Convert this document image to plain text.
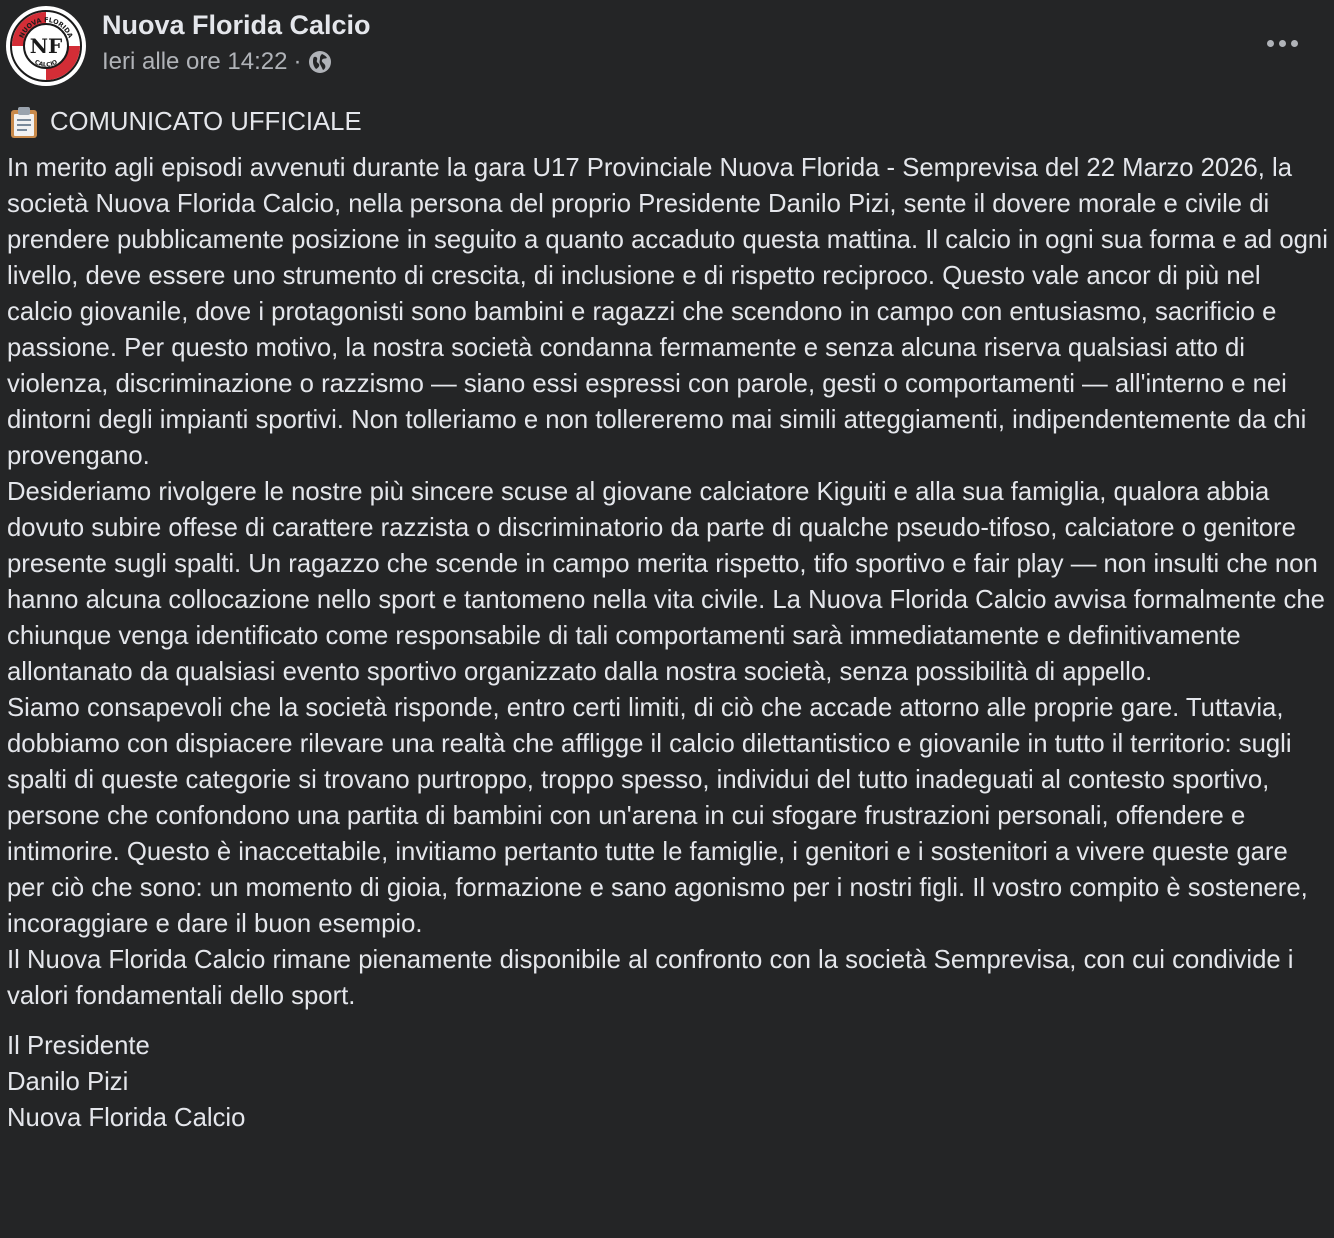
NUOVA FLORIDA
NF
CALCIO
Nuova Florida Calcio
Ieri alle ore 14:22 ·
COMUNICATO UFFICIALE

In merito agli episodi avvenuti durante la gara U17 Provinciale Nuova Florida - Semprevisa del 22 Marzo 2026, la società Nuova Florida Calcio, nella persona del proprio Presidente Danilo Pizi, sente il dovere morale e civile di prendere pubblicamente posizione in seguito a quanto accaduto questa mattina. Il calcio in ogni sua forma e ad ogni livello, deve essere uno strumento di crescita, di inclusione e di rispetto reciproco. Questo vale ancor di più nel calcio giovanile, dove i protagonisti sono bambini e ragazzi che scendono in campo con entusiasmo, sacrificio e passione. Per questo motivo, la nostra società condanna fermamente e senza alcuna riserva qualsiasi atto di violenza, discriminazione o razzismo — siano essi espressi con parole, gesti o comportamenti — all'interno e nei dintorni degli impianti sportivi. Non tolleriamo e non tollereremo mai simili atteggiamenti, indipendentemente da chi provengano.

Desideriamo rivolgere le nostre più sincere scuse al giovane calciatore Kiguiti e alla sua famiglia, qualora abbia dovuto subire offese di carattere razzista o discriminatorio da parte di qualche pseudo-tifoso, calciatore o genitore presente sugli spalti. Un ragazzo che scende in campo merita rispetto, tifo sportivo e fair play — non insulti che non hanno alcuna collocazione nello sport e tantomeno nella vita civile. La Nuova Florida Calcio avvisa formalmente che chiunque venga identificato come responsabile di tali comportamenti sarà immediatamente e definitivamente allontanato da qualsiasi evento sportivo organizzato dalla nostra società, senza possibilità di appello.

Siamo consapevoli che la società risponde, entro certi limiti, di ciò che accade attorno alle proprie gare. Tuttavia, dobbiamo con dispiacere rilevare una realtà che affligge il calcio dilettantistico e giovanile in tutto il territorio: sugli spalti di queste categorie si trovano purtroppo, troppo spesso, individui del tutto inadeguati al contesto sportivo, persone che confondono una partita di bambini con un'arena in cui sfogare frustrazioni personali, offendere e intimorire. Questo è inaccettabile, invitiamo pertanto tutte le famiglie, i genitori e i sostenitori a vivere queste gare per ciò che sono: un momento di gioia, formazione e sano agonismo per i nostri figli. Il vostro compito è sostenere, incoraggiare e dare il buon esempio.

Il Nuova Florida Calcio rimane pienamente disponibile al confronto con la società Semprevisa, con cui condivide i valori fondamentali dello sport.

Il Presidente
Danilo Pizi
Nuova Florida Calcio
